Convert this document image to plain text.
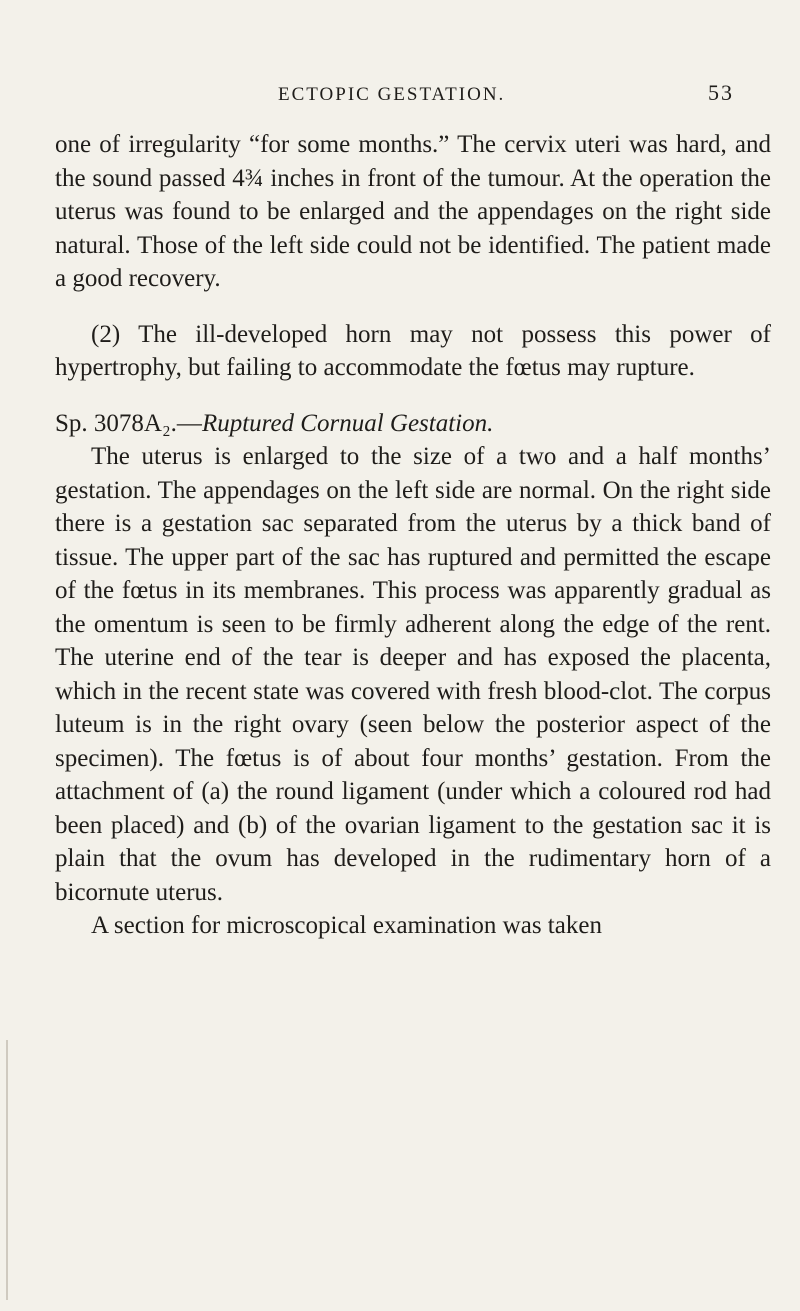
ECTOPIC GESTATION.	53

one of irregularity “for some months.” The cervix uteri was hard, and the sound passed 4¾ inches in front of the tumour. At the operation the uterus was found to be enlarged and the appendages on the right side natural. Those of the left side could not be identified. The patient made a good recovery.

(2) The ill-developed horn may not possess this power of hypertrophy, but failing to accommodate the fœtus may rupture.

Sp. 3078A₂.—Ruptured Cornual Gestation.

The uterus is enlarged to the size of a two and a half months’ gestation. The appendages on the left side are normal. On the right side there is a gestation sac separated from the uterus by a thick band of tissue. The upper part of the sac has ruptured and permitted the escape of the fœtus in its membranes. This process was apparently gradual as the omentum is seen to be firmly adherent along the edge of the rent. The uterine end of the tear is deeper and has exposed the placenta, which in the recent state was covered with fresh blood-clot. The corpus luteum is in the right ovary (seen below the posterior aspect of the specimen). The fœtus is of about four months’ gestation. From the attachment of (a) the round ligament (under which a coloured rod had been placed) and (b) of the ovarian ligament to the gestation sac it is plain that the ovum has developed in the rudimentary horn of a bicornute uterus.

A section for microscopical examination was taken
